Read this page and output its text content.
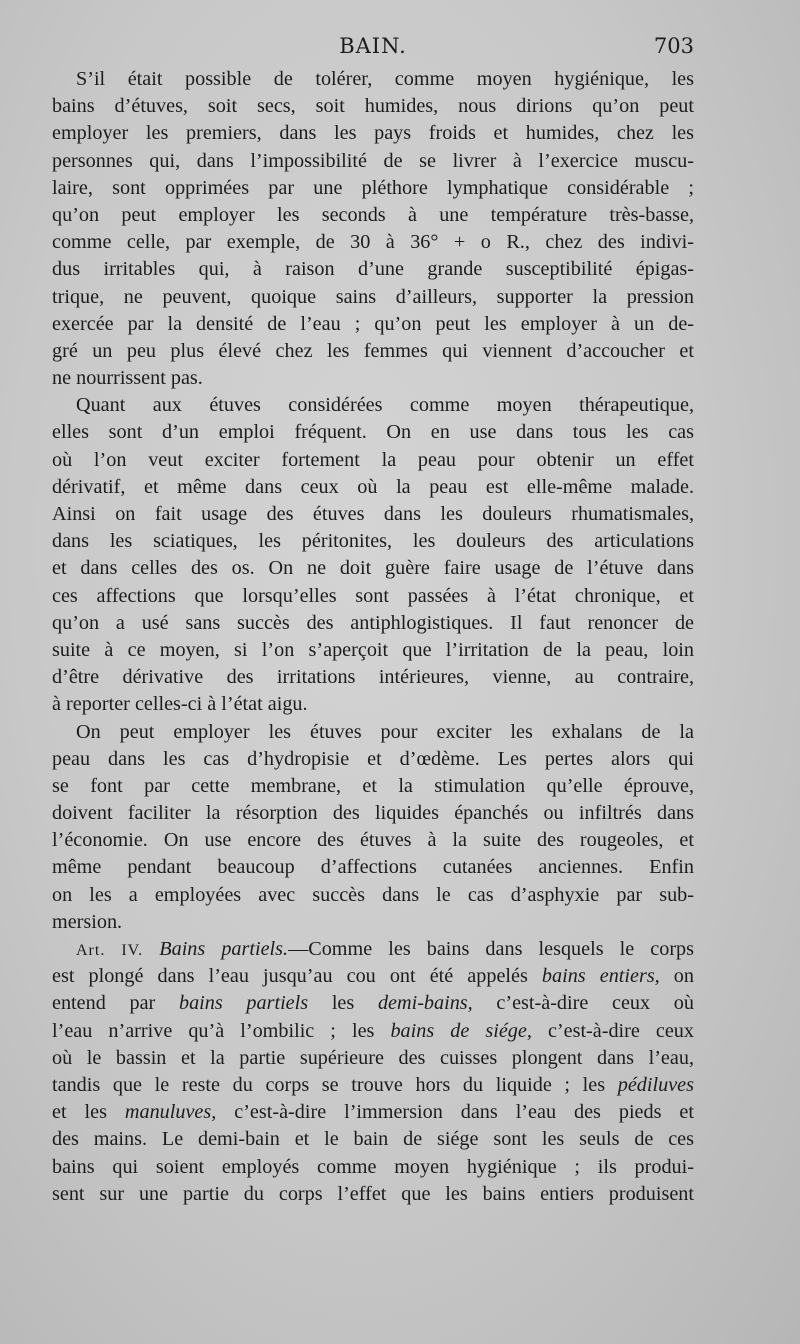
BAIN.	703

S’il était possible de tolérer, comme moyen hygiénique, les
bains d’étuves, soit secs, soit humides, nous dirions qu’on peut
employer les premiers, dans les pays froids et humides, chez les
personnes qui, dans l’impossibilité de se livrer à l’exercice muscu-
laire, sont opprimées par une pléthore lymphatique considérable ;
qu’on peut employer les seconds à une température très-basse,
comme celle, par exemple, de 30 à 36° + o R., chez des indivi-
dus irritables qui, à raison d’une grande susceptibilité épigas-
trique, ne peuvent, quoique sains d’ailleurs, supporter la pression
exercée par la densité de l’eau ; qu’on peut les employer à un de-
gré un peu plus élevé chez les femmes qui viennent d’accoucher et
ne nourrissent pas.

Quant aux étuves considérées comme moyen thérapeutique,
elles sont d’un emploi fréquent. On en use dans tous les cas
où l’on veut exciter fortement la peau pour obtenir un effet
dérivatif, et même dans ceux où la peau est elle-même malade.
Ainsi on fait usage des étuves dans les douleurs rhumatismales,
dans les sciatiques, les péritonites, les douleurs des articulations
et dans celles des os. On ne doit guère faire usage de l’étuve dans
ces affections que lorsqu’elles sont passées à l’état chronique, et
qu’on a usé sans succès des antiphlogistiques. Il faut renoncer de
suite à ce moyen, si l’on s’aperçoit que l’irritation de la peau, loin
d’être dérivative des irritations intérieures, vienne, au contraire,
à reporter celles-ci à l’état aigu.

On peut employer les étuves pour exciter les exhalans de la
peau dans les cas d’hydropisie et d’œdème. Les pertes alors qui
se font par cette membrane, et la stimulation qu’elle éprouve,
doivent faciliter la résorption des liquides épanchés ou infiltrés dans
l’économie. On use encore des étuves à la suite des rougeoles, et
même pendant beaucoup d’affections cutanées anciennes. Enfin
on les a employées avec succès dans le cas d’asphyxie par sub-
mersion.

Art. IV. Bains partiels.—Comme les bains dans lesquels le corps
est plongé dans l’eau jusqu’au cou ont été appelés bains entiers, on
entend par bains partiels les demi-bains, c’est-à-dire ceux où
l’eau n’arrive qu’à l’ombilic ; les bains de siége, c’est-à-dire ceux
où le bassin et la partie supérieure des cuisses plongent dans l’eau,
tandis que le reste du corps se trouve hors du liquide ; les pédiluves
et les manuluves, c’est-à-dire l’immersion dans l’eau des pieds et
des mains. Le demi-bain et le bain de siége sont les seuls de ces
bains qui soient employés comme moyen hygiénique ; ils produi-
sent sur une partie du corps l’effet que les bains entiers produisent
